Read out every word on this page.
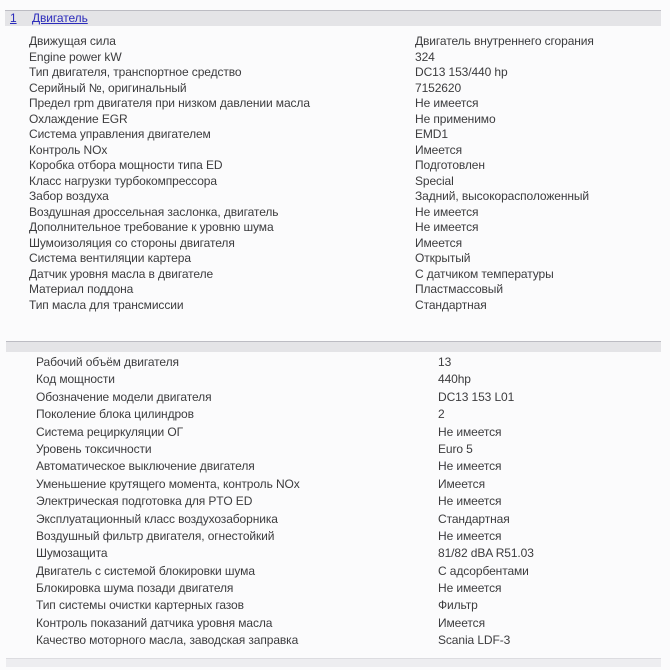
1 Двигатель
Движущая сила	Двигатель внутреннего сгорания
Engine power kW	324
Тип двигателя, транспортное средство	DC13 153/440 hp
Серийный №, оригинальный	7152620
Предел rpm двигателя при низком давлении масла	Не имеется
Охлаждение EGR	Не применимо
Система управления двигателем	EMD1
Контроль NOx	Имеется
Коробка отбора мощности типа ED	Подготовлен
Класс нагрузки турбокомпрессора	Special
Забор воздуха	Задний, высокорасположенный
Воздушная дроссельная заслонка, двигатель	Не имеется
Дополнительное требование к уровню шума	Не имеется
Шумоизоляция со стороны двигателя	Имеется
Система вентиляции картера	Открытый
Датчик уровня масла в двигателе	С датчиком температуры
Материал поддона	Пластмассовый
Тип масла для трансмиссии	Стандартная
Рабочий объём двигателя	13
Код мощности	440hp
Обозначение модели двигателя	DC13 153 L01
Поколение блока цилиндров	2
Система рециркуляции ОГ	Не имеется
Уровень токсичности	Euro 5
Автоматическое выключение двигателя	Не имеется
Уменьшение крутящего момента, контроль NOx	Имеется
Электрическая подготовка для PTO ED	Не имеется
Эксплуатационный класс воздухозаборника	Стандартная
Воздушный фильтр двигателя, огнестойкий	Не имеется
Шумозащита	81/82 dBA R51.03
Двигатель с системой блокировки шума	С адсорбентами
Блокировка шума позади двигателя	Не имеется
Тип системы очистки картерных газов	Фильтр
Контроль показаний датчика уровня масла	Имеется
Качество моторного масла, заводская заправка	Scania LDF-3
